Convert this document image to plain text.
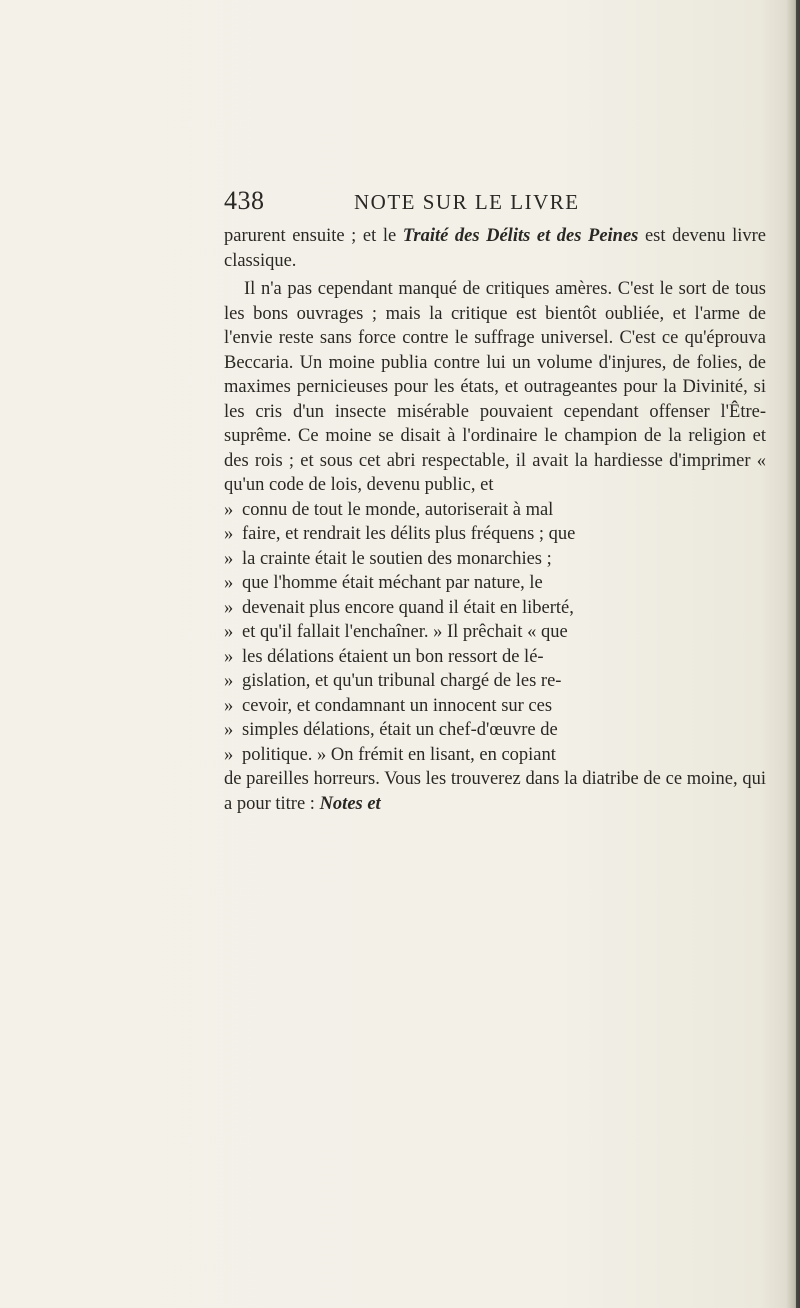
438	NOTE SUR LE LIVRE

parurent ensuite ; et le Traité des Délits et des Peines est devenu livre classique.

Il n'a pas cependant manqué de critiques amères. C'est le sort de tous les bons ouvrages ; mais la critique est bientôt oubliée, et l'arme de l'envie reste sans force contre le suffrage universel. C'est ce qu'éprouva Beccaria. Un moine publia contre lui un volume d'injures, de folies, de maximes pernicieuses pour les états, et outrageantes pour la Divinité, si les cris d'un insecte misérable pouvaient cependant offenser l'Être-suprême. Ce moine se disait à l'ordinaire le champion de la religion et des rois ; et sous cet abri respectable, il avait la hardiesse d'imprimer « qu'un code de lois, devenu public, et

» connu de tout le monde, autoriserait à mal
» faire, et rendrait les délits plus fréquens ; que
» la crainte était le soutien des monarchies ;
» que l'homme était méchant par nature, le
» devenait plus encore quand il était en liberté,
» et qu'il fallait l'enchaîner. » Il prêchait « que
» les délations étaient un bon ressort de lé-
» gislation, et qu'un tribunal chargé de les re-
» cevoir, et condamnant un innocent sur ces
» simples délations, était un chef-d'œuvre de
» politique. » On frémit en lisant, en copiant

de pareilles horreurs. Vous les trouverez dans la diatribe de ce moine, qui a pour titre : Notes et
